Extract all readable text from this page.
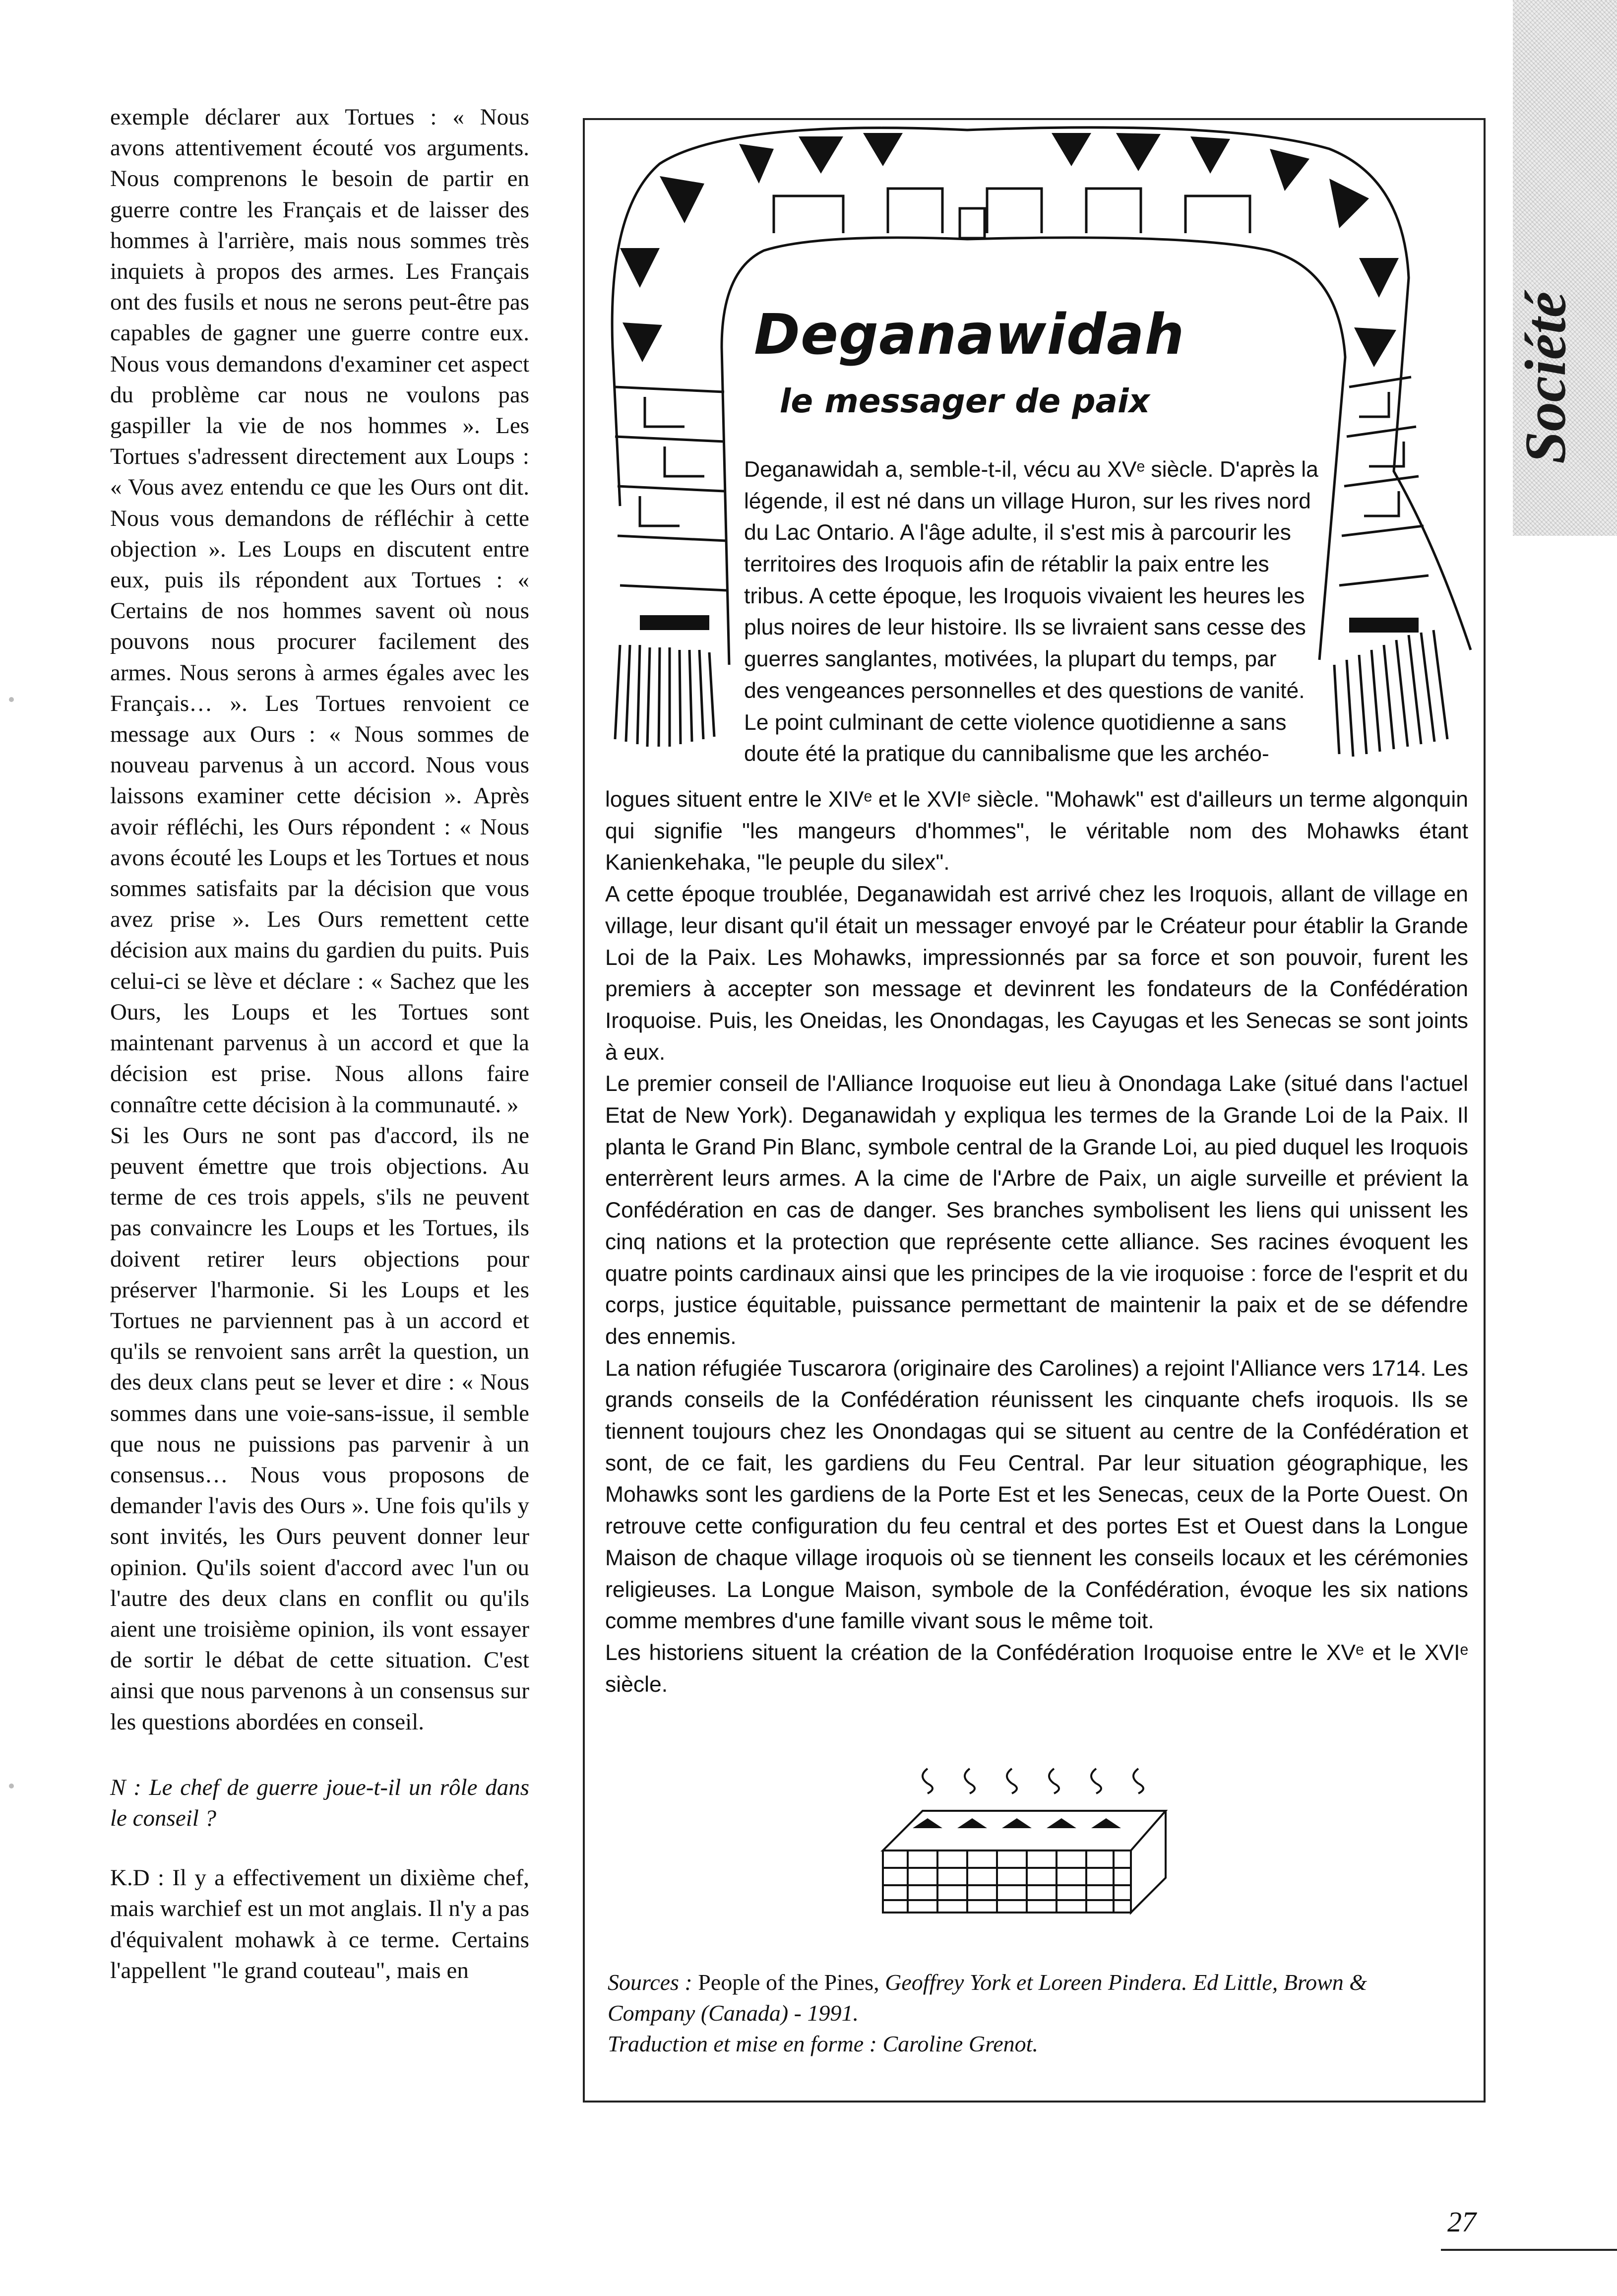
exemple déclarer aux Tortues : « Nous avons attentivement écouté vos arguments. Nous comprenons le besoin de partir en guerre contre les Français et de laisser des hommes à l'arrière, mais nous sommes très inquiets à propos des armes. Les Français ont des fusils et nous ne serons peut-être pas capables de gagner une guerre contre eux. Nous vous demandons d'examiner cet aspect du problème car nous ne voulons pas gaspiller la vie de nos hommes ». Les Tortues s'adressent directement aux Loups : « Vous avez entendu ce que les Ours ont dit. Nous vous demandons de réfléchir à cette objection ». Les Loups en discutent entre eux, puis ils répondent aux Tortues : « Certains de nos hommes savent où nous pouvons nous procurer facilement des armes. Nous serons à armes égales avec les Français… ». Les Tortues renvoient ce message aux Ours : « Nous sommes de nouveau parvenus à un accord. Nous vous laissons examiner cette décision ». Après avoir réfléchi, les Ours répondent : « Nous avons écouté les Loups et les Tortues et nous sommes satisfaits par la décision que vous avez prise ». Les Ours remettent cette décision aux mains du gardien du puits. Puis celui-ci se lève et déclare : « Sachez que les Ours, les Loups et les Tortues sont maintenant parvenus à un accord et que la décision est prise. Nous allons faire connaître cette décision à la communauté. »

Si les Ours ne sont pas d'accord, ils ne peuvent émettre que trois objections. Au terme de ces trois appels, s'ils ne peuvent pas convaincre les Loups et les Tortues, ils doivent retirer leurs objections pour préserver l'harmonie. Si les Loups et les Tortues ne parviennent pas à un accord et qu'ils se renvoient sans arrêt la question, un des deux clans peut se lever et dire : « Nous sommes dans une voie-sans-issue, il semble que nous ne puissions pas parvenir à un consensus… Nous vous proposons de demander l'avis des Ours ». Une fois qu'ils y sont invités, les Ours peuvent donner leur opinion. Qu'ils soient d'accord avec l'un ou l'autre des deux clans en conflit ou qu'ils aient une troisième opinion, ils vont essayer de sortir le débat de cette situation. C'est ainsi que nous parvenons à un consensus sur les questions abordées en conseil.

N : Le chef de guerre joue-t-il un rôle dans le conseil ?

K.D : Il y a effectivement un dixième chef, mais warchief est un mot anglais. Il n'y a pas d'équivalent mohawk à ce terme. Certains l'appellent "le grand couteau", mais en

Deganawidah
le messager de paix
Deganawidah a, semble-t-il, vécu au XVᵉ siècle. D'après la
légende, il est né dans un village Huron, sur les rives nord
du Lac Ontario. A l'âge adulte, il s'est mis à parcourir les
territoires des Iroquois afin de rétablir la paix entre les
tribus. A cette époque, les Iroquois vivaient les heures les
plus noires de leur histoire. Ils se livraient sans cesse des
guerres sanglantes, motivées, la plupart du temps, par
des vengeances personnelles et des questions de vanité.
Le point culminant de cette violence quotidienne a sans
doute été la pratique du cannibalisme que les archéo-

logues situent entre le XIVᵉ et le XVIᵉ siècle. "Mohawk" est d'ailleurs un terme algonquin qui signifie "les mangeurs d'hommes", le véritable nom des Mohawks étant Kanienkehaka, "le peuple du silex".

A cette époque troublée, Deganawidah est arrivé chez les Iroquois, allant de village en village, leur disant qu'il était un messager envoyé par le Créateur pour établir la Grande Loi de la Paix. Les Mohawks, impressionnés par sa force et son pouvoir, furent les premiers à accepter son message et devinrent les fondateurs de la Confédération Iroquoise. Puis, les Oneidas, les Onondagas, les Cayugas et les Senecas se sont joints à eux.

Le premier conseil de l'Alliance Iroquoise eut lieu à Onondaga Lake (situé dans l'actuel Etat de New York). Deganawidah y expliqua les termes de la Grande Loi de la Paix. Il planta le Grand Pin Blanc, symbole central de la Grande Loi, au pied duquel les Iroquois enterrèrent leurs armes. A la cime de l'Arbre de Paix, un aigle surveille et prévient la Confédération en cas de danger. Ses branches symbolisent les liens qui unissent les cinq nations et la protection que représente cette alliance. Ses racines évoquent les quatre points cardinaux ainsi que les principes de la vie iroquoise : force de l'esprit et du corps, justice équitable, puissance permettant de maintenir la paix et de se défendre des ennemis.

La nation réfugiée Tuscarora (originaire des Carolines) a rejoint l'Alliance vers 1714. Les grands conseils de la Confédération réunissent les cinquante chefs iroquois. Ils se tiennent toujours chez les Onondagas qui se situent au centre de la Confédération et sont, de ce fait, les gardiens du Feu Central. Par leur situation géographique, les Mohawks sont les gardiens de la Porte Est et les Senecas, ceux de la Porte Ouest. On retrouve cette configuration du feu central et des portes Est et Ouest dans la Longue Maison de chaque village iroquois où se tiennent les conseils locaux et les cérémonies religieuses. La Longue Maison, symbole de la Confédération, évoque les six nations comme membres d'une famille vivant sous le même toit.

Les historiens situent la création de la Confédération Iroquoise entre le XVᵉ et le XVIᵉ siècle.

Sources : People of the Pines, Geoffrey York et Loreen Pindera. Ed Little, Brown & Company (Canada) - 1991.
Traduction et mise en forme : Caroline Grenot.
Société
27
